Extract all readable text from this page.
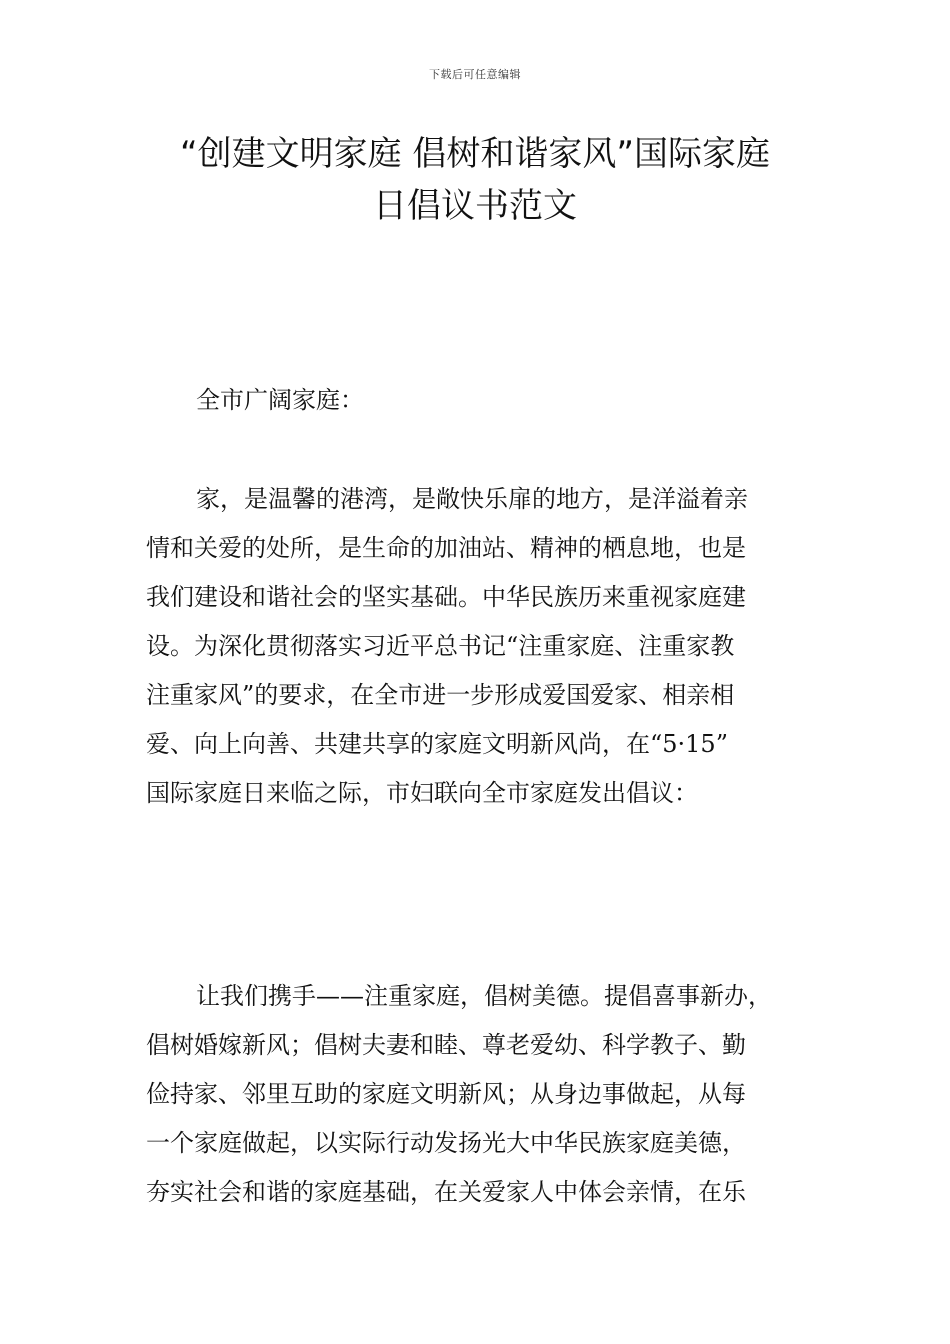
下载后可任意编辑
“创建文明家庭 倡树和谐家风”国际家庭
日倡议书范文
全市广阔家庭：
家，是温馨的港湾，是敞快乐扉的地方，是洋溢着亲
情和关爱的处所，是生命的加油站、精神的栖息地，也是
我们建设和谐社会的坚实基础。中华民族历来重视家庭建
设。为深化贯彻落实习近平总书记“注重家庭、注重家教
注重家风”的要求，在全市进一步形成爱国爱家、相亲相
爱、向上向善、共建共享的家庭文明新风尚，在“5·15”
国际家庭日来临之际，市妇联向全市家庭发出倡议：
让我们携手——注重家庭，倡树美德。提倡喜事新办，
倡树婚嫁新风；倡树夫妻和睦、尊老爱幼、科学教子、勤
俭持家、邻里互助的家庭文明新风；从身边事做起，从每
一个家庭做起，以实际行动发扬光大中华民族家庭美德，
夯实社会和谐的家庭基础，在关爱家人中体会亲情，在乐
